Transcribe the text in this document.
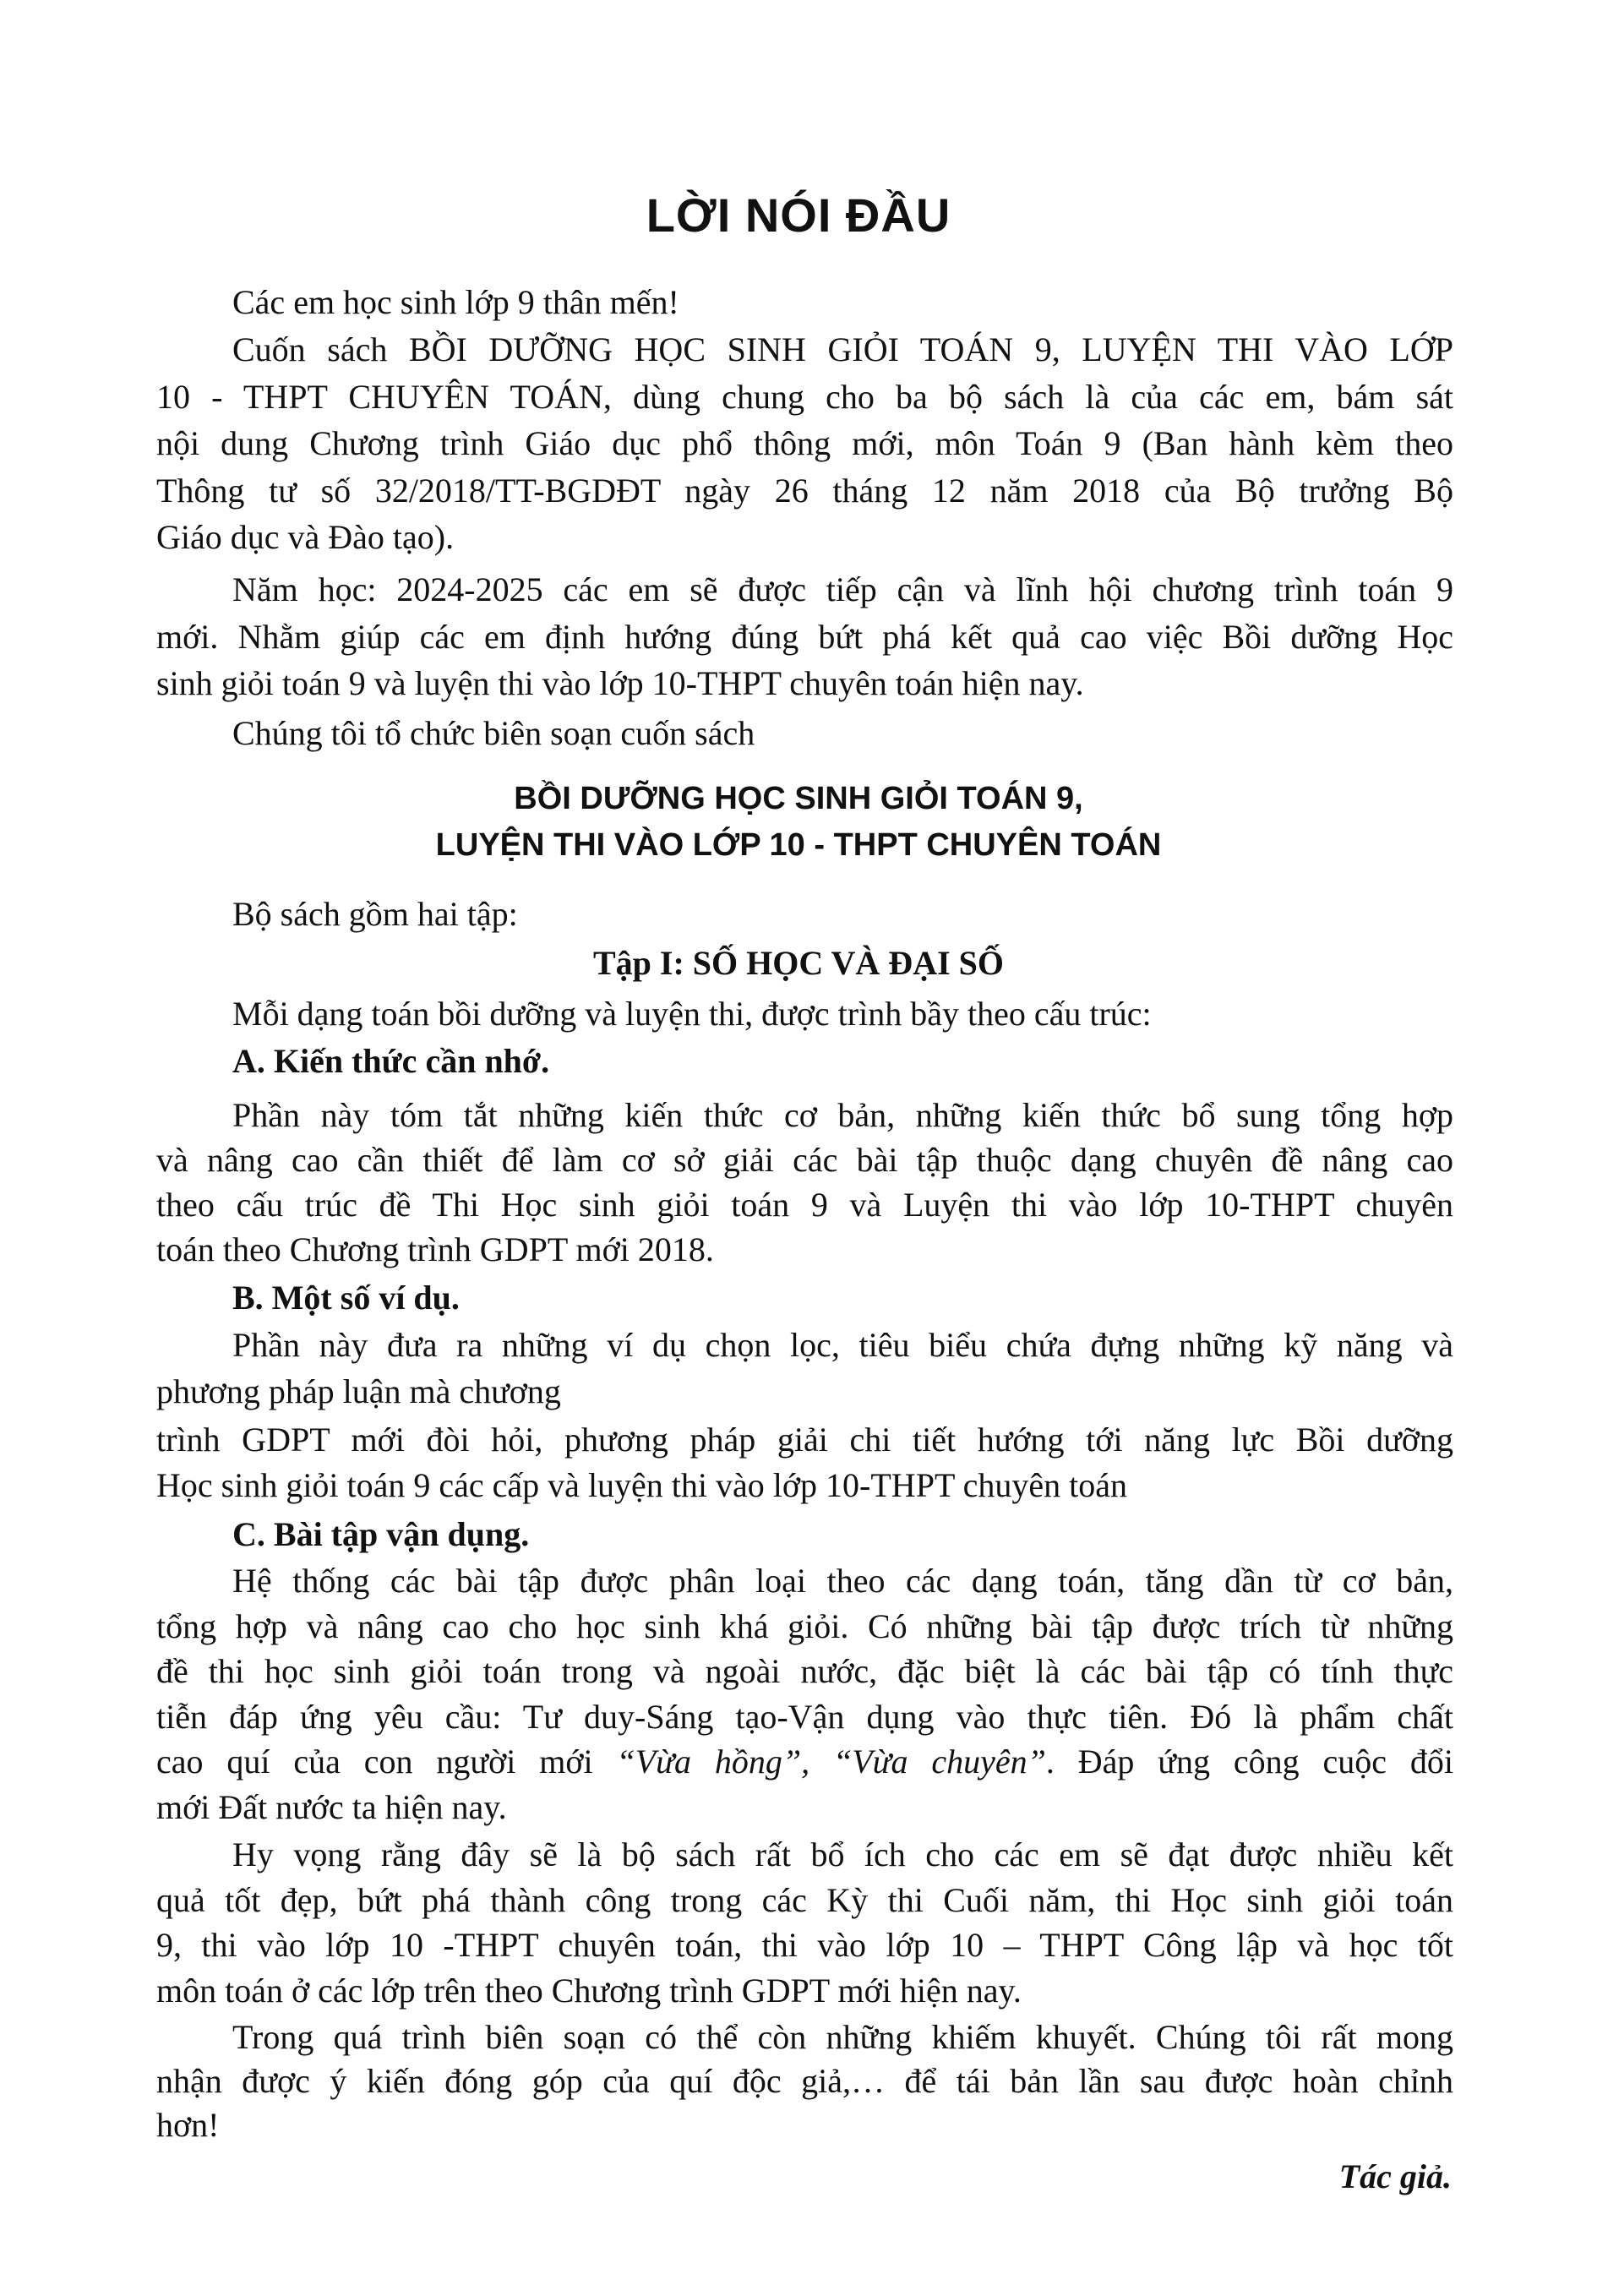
LỜI NÓI ĐẦU
Các em học sinh lớp 9 thân mến!
Cuốn sách BỒI DƯỠNG HỌC SINH GIỎI TOÁN 9, LUYỆN THI VÀO LỚP
10 - THPT CHUYÊN TOÁN, dùng chung cho ba bộ sách là của các em, bám sát
nội dung Chương trình Giáo dục phổ thông mới, môn Toán 9 (Ban hành kèm theo
Thông tư số 32/2018/TT-BGDĐT ngày 26 tháng 12 năm 2018 của Bộ trưởng Bộ
Giáo dục và Đào tạo).
Năm học: 2024-2025 các em sẽ được tiếp cận và lĩnh hội chương trình toán 9
mới. Nhằm giúp các em định hướng đúng bứt phá kết quả cao việc Bồi dưỡng Học
sinh giỏi toán 9 và luyện thi vào lớp 10-THPT chuyên toán hiện nay.
Chúng tôi tổ chức biên soạn cuốn sách
BỒI DƯỠNG HỌC SINH GIỎI TOÁN 9,
LUYỆN THI VÀO LỚP 10 - THPT CHUYÊN TOÁN
Bộ sách gồm hai tập:
Tập I: SỐ HỌC VÀ ĐẠI SỐ
Mỗi dạng toán bồi dưỡng và luyện thi, được trình bầy theo cấu trúc:
A. Kiến thức cần nhớ.
Phần này tóm tắt những kiến thức cơ bản, những kiến thức bổ sung tổng hợp
và nâng cao cần thiết để làm cơ sở giải các bài tập thuộc dạng chuyên đề nâng cao
theo cấu trúc đề Thi Học sinh giỏi toán 9 và Luyện thi vào lớp 10-THPT chuyên
toán theo Chương trình GDPT mới 2018.
B. Một số ví dụ.
Phần này đưa ra những ví dụ chọn lọc, tiêu biểu chứa đựng những kỹ năng và
phương pháp luận mà chương
trình GDPT mới đòi hỏi, phương pháp giải chi tiết hướng tới năng lực Bồi dưỡng
Học sinh giỏi toán 9 các cấp và luyện thi vào lớp 10-THPT chuyên toán
C. Bài tập vận dụng.
Hệ thống các bài tập được phân loại theo các dạng toán, tăng dần từ cơ bản,
tổng hợp và nâng cao cho học sinh khá giỏi. Có những bài tập được trích từ những
đề thi học sinh giỏi toán trong và ngoài nước, đặc biệt là các bài tập có tính thực
tiễn đáp ứng yêu cầu: Tư duy-Sáng tạo-Vận dụng vào thực tiên. Đó là phẩm chất
cao quí của con người mới “Vừa hồng”, “Vừa chuyên”. Đáp ứng công cuộc đổi
mới Đất nước ta hiện nay.
Hy vọng rằng đây sẽ là bộ sách rất bổ ích cho các em sẽ đạt được nhiều kết
quả tốt đẹp, bứt phá thành công trong các Kỳ thi Cuối năm, thi Học sinh giỏi toán
9, thi vào lớp 10 -THPT chuyên toán, thi vào lớp 10 – THPT Công lập và học tốt
môn toán ở các lớp trên theo Chương trình GDPT mới hiện nay.
Trong quá trình biên soạn có thể còn những khiếm khuyết. Chúng tôi rất mong
nhận được ý kiến đóng góp của quí độc giả,… để tái bản lần sau được hoàn chỉnh
hơn!
Tác giả.
